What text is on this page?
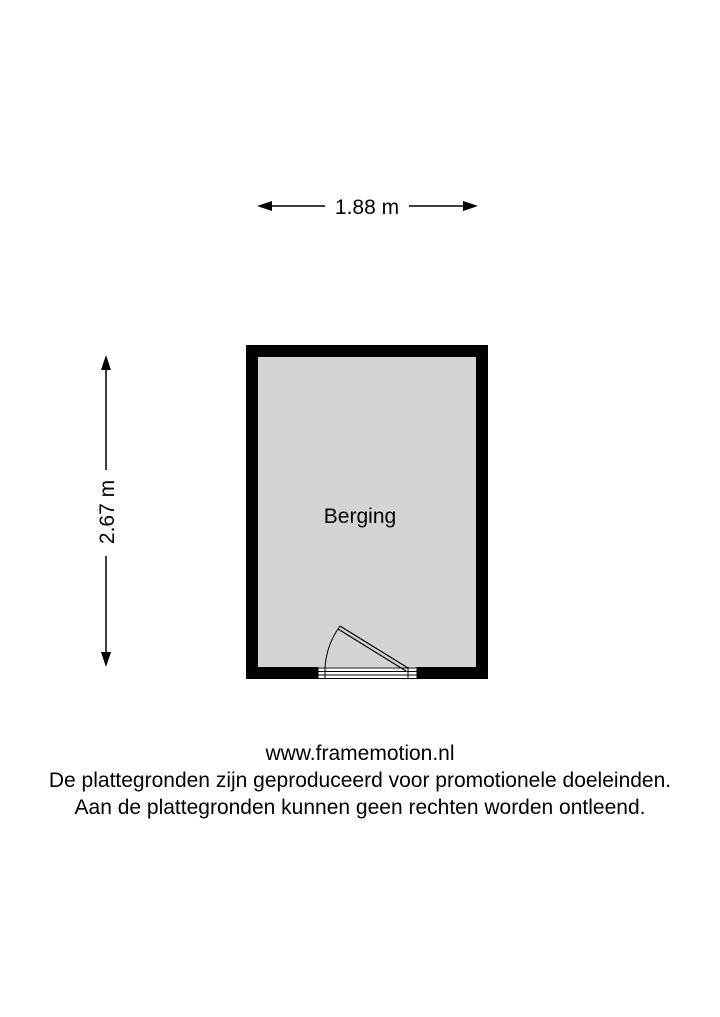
1.88 m
2.67 m	Berging
www.framemotion.nl
De plattegronden zijn geproduceerd voor promotionele doeleinden.
Aan de plattegronden kunnen geen rechten worden ontleend.
